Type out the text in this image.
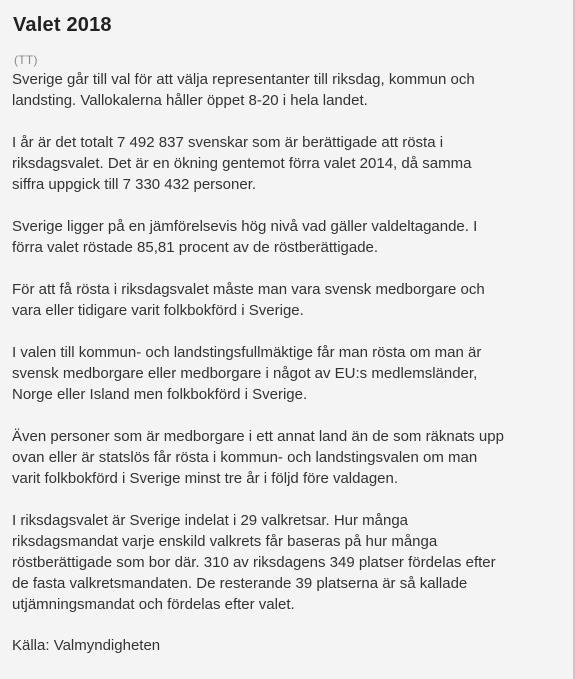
Valet 2018
(TT)

Sverige går till val för att välja representanter till riksdag, kommun och
landsting. Vallokalerna håller öppet 8-20 i hela landet.

I år är det totalt 7 492 837 svenskar som är berättigade att rösta i
riksdagsvalet. Det är en ökning gentemot förra valet 2014, då samma
siffra uppgick till 7 330 432 personer.

Sverige ligger på en jämförelsevis hög nivå vad gäller valdeltagande. I
förra valet röstade 85,81 procent av de röstberättigade.

För att få rösta i riksdagsvalet måste man vara svensk medborgare och
vara eller tidigare varit folkbokförd i Sverige.

I valen till kommun- och landstingsfullmäktige får man rösta om man är
svensk medborgare eller medborgare i något av EU:s medlemsländer,
Norge eller Island men folkbokförd i Sverige.

Även personer som är medborgare i ett annat land än de som räknats upp
ovan eller är statslös får rösta i kommun- och landstingsvalen om man
varit folkbokförd i Sverige minst tre år i följd före valdagen.

I riksdagsvalet är Sverige indelat i 29 valkretsar. Hur många
riksdagsmandat varje enskild valkrets får baseras på hur många
röstberättigade som bor där. 310 av riksdagens 349 platser fördelas efter
de fasta valkretsmandaten. De resterande 39 platserna är så kallade
utjämningsmandat och fördelas efter valet.

Källa: Valmyndigheten
